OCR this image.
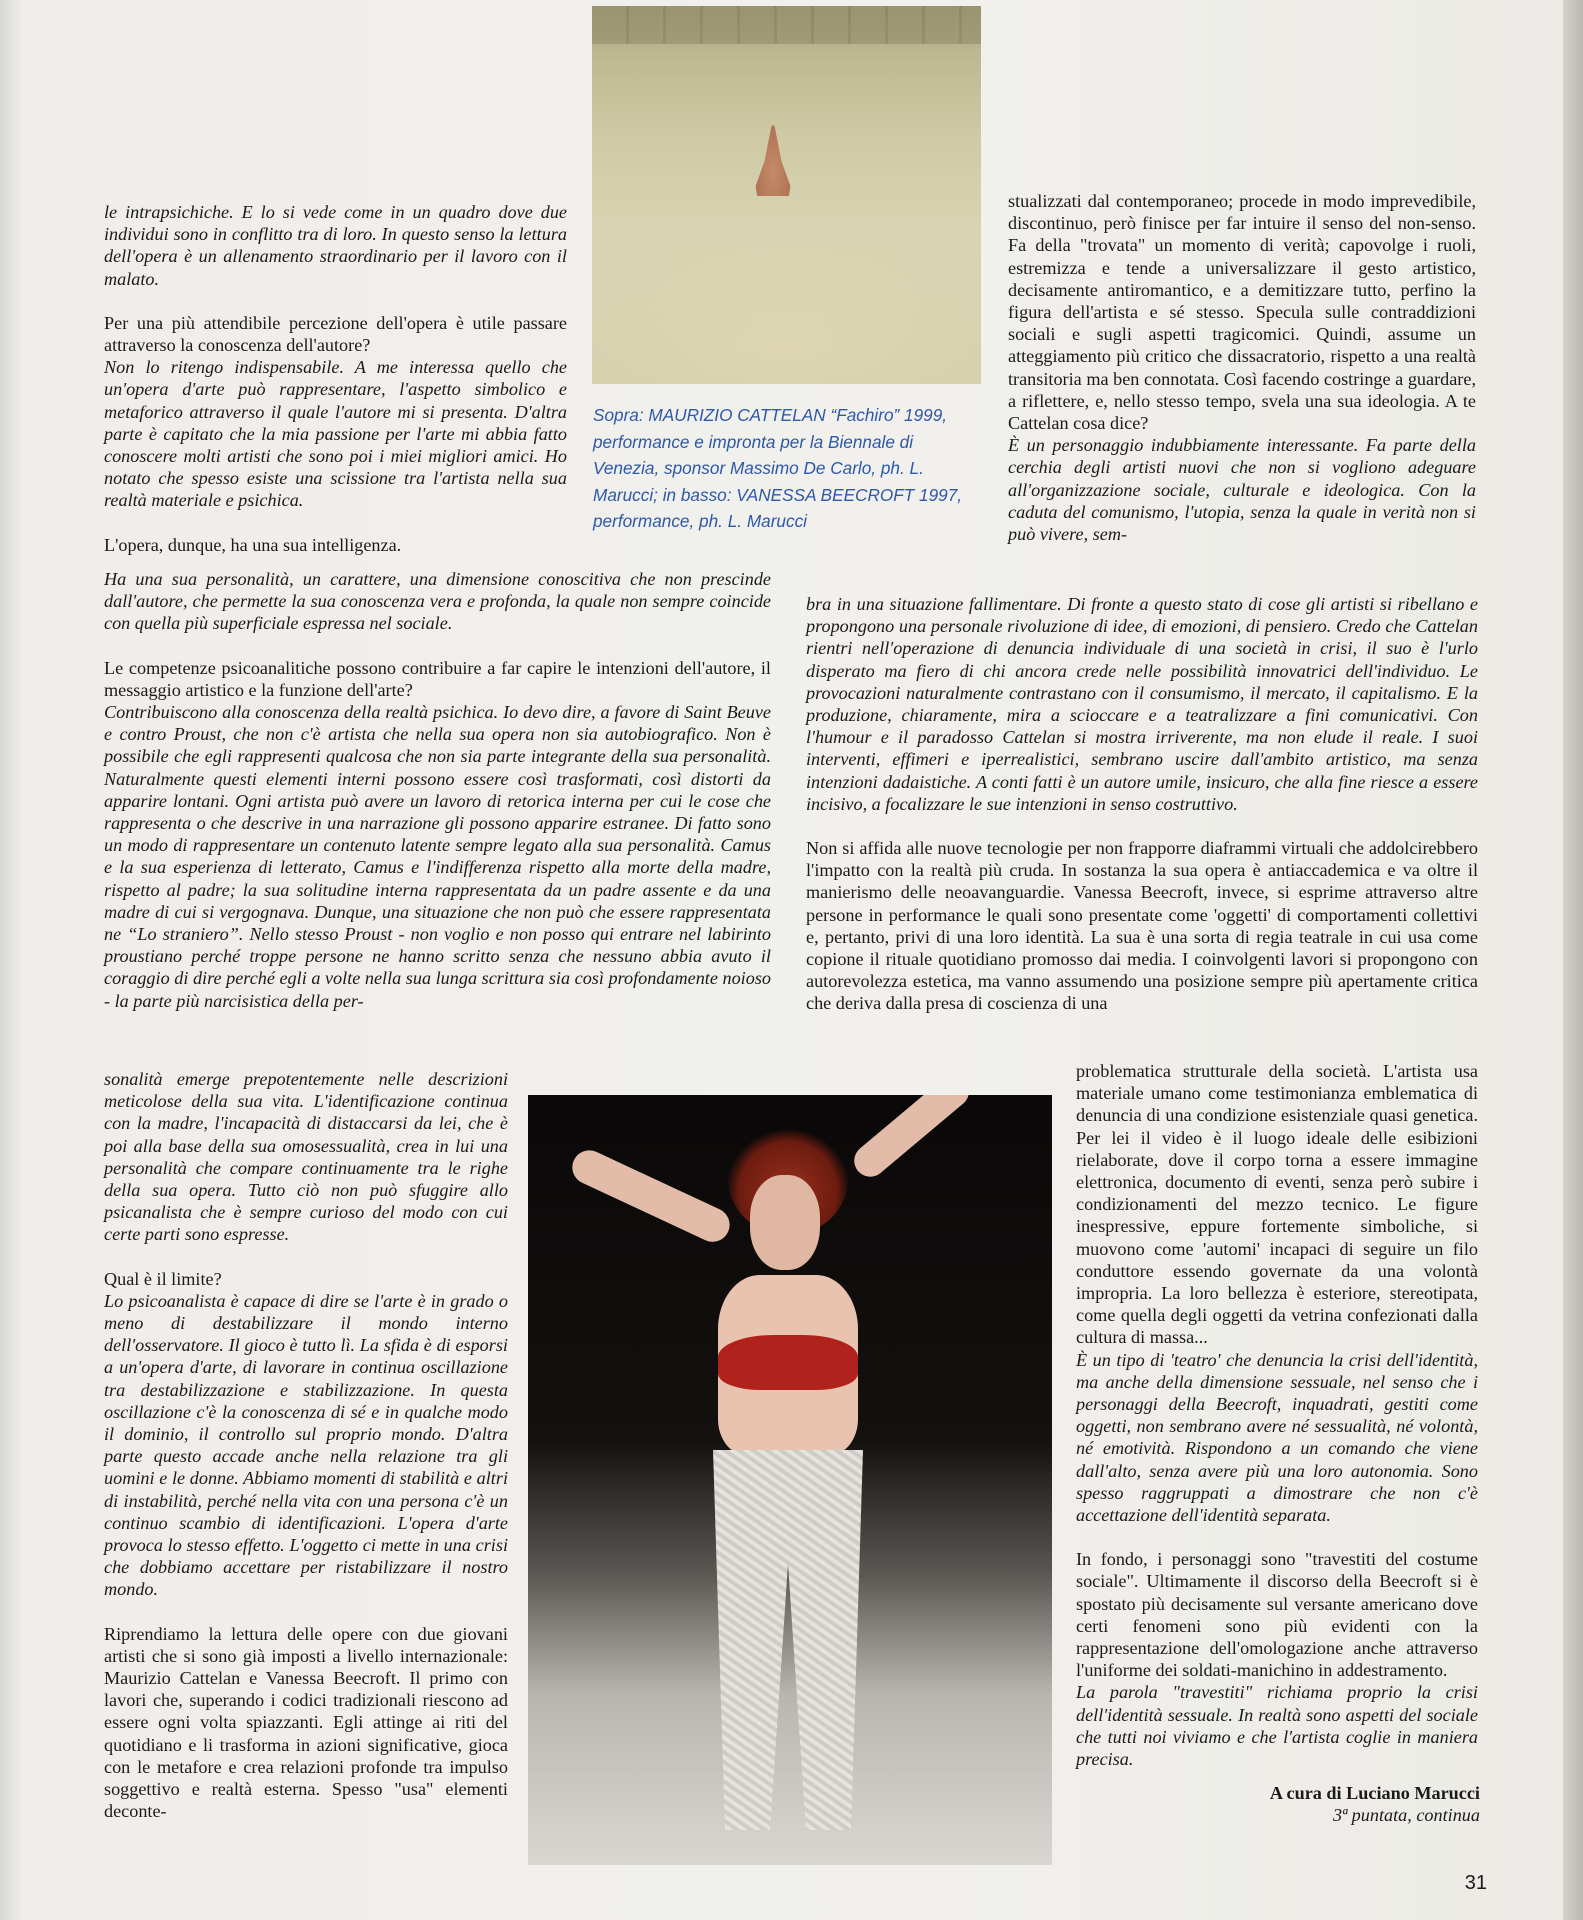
Sopra: MAURIZIO CATTELAN “Fachiro” 1999, performance e impronta per la Biennale di Venezia, sponsor Massimo De Carlo, ph. L. Marucci; in basso: VANESSA BEECROFT 1997, performance, ph. L. Marucci

le intrapsichiche. E lo si vede come in un quadro dove due individui sono in conflitto tra di loro. In questo senso la lettura dell'opera è un allenamento straordinario per il lavoro con il malato.

Per una più attendibile percezione dell'opera è utile passare attraverso la conoscenza dell'autore?
Non lo ritengo indispensabile. A me interessa quello che un'opera d'arte può rappresentare, l'aspetto simbolico e metaforico attraverso il quale l'autore mi si presenta. D'altra parte è capitato che la mia passione per l'arte mi abbia fatto conoscere molti artisti che sono poi i miei migliori amici. Ho notato che spesso esiste una scissione tra l'artista nella sua realtà materiale e psichica.

L'opera, dunque, ha una sua intelligenza.

Ha una sua personalità, un carattere, una dimensione conoscitiva che non prescinde dall'autore, che permette la sua conoscenza vera e profonda, la quale non sempre coincide con quella più superficiale espressa nel sociale.

Le competenze psicoanalitiche possono contribuire a far capire le intenzioni dell'autore, il messaggio artistico e la funzione dell'arte?
Contribuiscono alla conoscenza della realtà psichica. Io devo dire, a favore di Saint Beuve e contro Proust, che non c'è artista che nella sua opera non sia autobiografico. Non è possibile che egli rappresenti qualcosa che non sia parte integrante della sua personalità. Naturalmente questi elementi interni possono essere così trasformati, così distorti da apparire lontani. Ogni artista può avere un lavoro di retorica interna per cui le cose che rappresenta o che descrive in una narrazione gli possono apparire estranee. Di fatto sono un modo di rappresentare un contenuto latente sempre legato alla sua personalità. Camus e la sua esperienza di letterato, Camus e l'indifferenza rispetto alla morte della madre, rispetto al padre; la sua solitudine interna rappresentata da un padre assente e da una madre di cui si vergognava. Dunque, una situazione che non può che essere rappresentata ne “Lo straniero”. Nello stesso Proust - non voglio e non posso qui entrare nel labirinto proustiano perché troppe persone ne hanno scritto senza che nessuno abbia avuto il coraggio di dire perché egli a volte nella sua lunga scrittura sia così profondamente noioso - la parte più narcisistica della per-

sonalità emerge prepotentemente nelle descrizioni meticolose della sua vita. L'identificazione continua con la madre, l'incapacità di distaccarsi da lei, che è poi alla base della sua omosessualità, crea in lui una personalità che compare continuamente tra le righe della sua opera. Tutto ciò non può sfuggire allo psicanalista che è sempre curioso del modo con cui certe parti sono espresse.

Qual è il limite?
Lo psicoanalista è capace di dire se l'arte è in grado o meno di destabilizzare il mondo interno dell'osservatore. Il gioco è tutto lì. La sfida è di esporsi a un'opera d'arte, di lavorare in continua oscillazione tra destabilizzazione e stabilizzazione. In questa oscillazione c'è la conoscenza di sé e in qualche modo il dominio, il controllo sul proprio mondo. D'altra parte questo accade anche nella relazione tra gli uomini e le donne. Abbiamo momenti di stabilità e altri di instabilità, perché nella vita con una persona c'è un continuo scambio di identificazioni. L'opera d'arte provoca lo stesso effetto. L'oggetto ci mette in una crisi che dobbiamo accettare per ristabilizzare il nostro mondo.

Riprendiamo la lettura delle opere con due giovani artisti che si sono già imposti a livello internazionale: Maurizio Cattelan e Vanessa Beecroft. Il primo con lavori che, superando i codici tradizionali riescono ad essere ogni volta spiazzanti. Egli attinge ai riti del quotidiano e li trasforma in azioni significative, gioca con le metafore e crea relazioni profonde tra impulso soggettivo e realtà esterna. Spesso "usa" elementi deconte-

stualizzati dal contemporaneo; procede in modo imprevedibile, discontinuo, però finisce per far intuire il senso del non-senso. Fa della "trovata" un momento di verità; capovolge i ruoli, estremizza e tende a universalizzare il gesto artistico, decisamente antiromantico, e a demitizzare tutto, perfino la figura dell'artista e sé stesso. Specula sulle contraddizioni sociali e sugli aspetti tragicomici. Quindi, assume un atteggiamento più critico che dissacratorio, rispetto a una realtà transitoria ma ben connotata. Così facendo costringe a guardare, a riflettere, e, nello stesso tempo, svela una sua ideologia. A te Cattelan cosa dice?
È un personaggio indubbiamente interessante. Fa parte della cerchia degli artisti nuovi che non si vogliono adeguare all'organizzazione sociale, culturale e ideologica. Con la caduta del comunismo, l'utopia, senza la quale in verità non si può vivere, sem-

bra in una situazione fallimentare. Di fronte a questo stato di cose gli artisti si ribellano e propongono una personale rivoluzione di idee, di emozioni, di pensiero. Credo che Cattelan rientri nell'operazione di denuncia individuale di una società in crisi, il suo è l'urlo disperato ma fiero di chi ancora crede nelle possibilità innovatrici dell'individuo. Le provocazioni naturalmente contrastano con il consumismo, il mercato, il capitalismo. E la produzione, chiaramente, mira a scioccare e a teatralizzare a fini comunicativi. Con l'humour e il paradosso Cattelan si mostra irriverente, ma non elude il reale. I suoi interventi, effimeri e iperrealistici, sembrano uscire dall'ambito artistico, ma senza intenzioni dadaistiche. A conti fatti è un autore umile, insicuro, che alla fine riesce a essere incisivo, a focalizzare le sue intenzioni in senso costruttivo.

Non si affida alle nuove tecnologie per non frapporre diaframmi virtuali che addolcirebbero l'impatto con la realtà più cruda. In sostanza la sua opera è antiaccademica e va oltre il manierismo delle neoavanguardie. Vanessa Beecroft, invece, si esprime attraverso altre persone in performance le quali sono presentate come 'oggetti' di comportamenti collettivi e, pertanto, privi di una loro identità. La sua è una sorta di regia teatrale in cui usa come copione il rituale quotidiano promosso dai media. I coinvolgenti lavori si propongono con autorevolezza estetica, ma vanno assumendo una posizione sempre più apertamente critica che deriva dalla presa di coscienza di una

problematica strutturale della società. L'artista usa materiale umano come testimonianza emblematica di denuncia di una condizione esistenziale quasi genetica. Per lei il video è il luogo ideale delle esibizioni rielaborate, dove il corpo torna a essere immagine elettronica, documento di eventi, senza però subire i condizionamenti del mezzo tecnico. Le figure inespressive, eppure fortemente simboliche, si muovono come 'automi' incapaci di seguire un filo conduttore essendo governate da una volontà impropria. La loro bellezza è esteriore, stereotipata, come quella degli oggetti da vetrina confezionati dalla cultura di massa...
È un tipo di 'teatro' che denuncia la crisi dell'identità, ma anche della dimensione sessuale, nel senso che i personaggi della Beecroft, inquadrati, gestiti come oggetti, non sembrano avere né sessualità, né volontà, né emotività. Rispondono a un comando che viene dall'alto, senza avere più una loro autonomia. Sono spesso raggruppati a dimostrare che non c'è accettazione dell'identità separata.

In fondo, i personaggi sono "travestiti del costume sociale". Ultimamente il discorso della Beecroft si è spostato più decisamente sul versante americano dove certi fenomeni sono più evidenti con la rappresentazione dell'omologazione anche attraverso l'uniforme dei soldati-manichino in addestramento.
La parola "travestiti" richiama proprio la crisi dell'identità sessuale. In realtà sono aspetti del sociale che tutti noi viviamo e che l'artista coglie in maniera precisa.

A cura di Luciano Marucci
3ª puntata, continua
31
